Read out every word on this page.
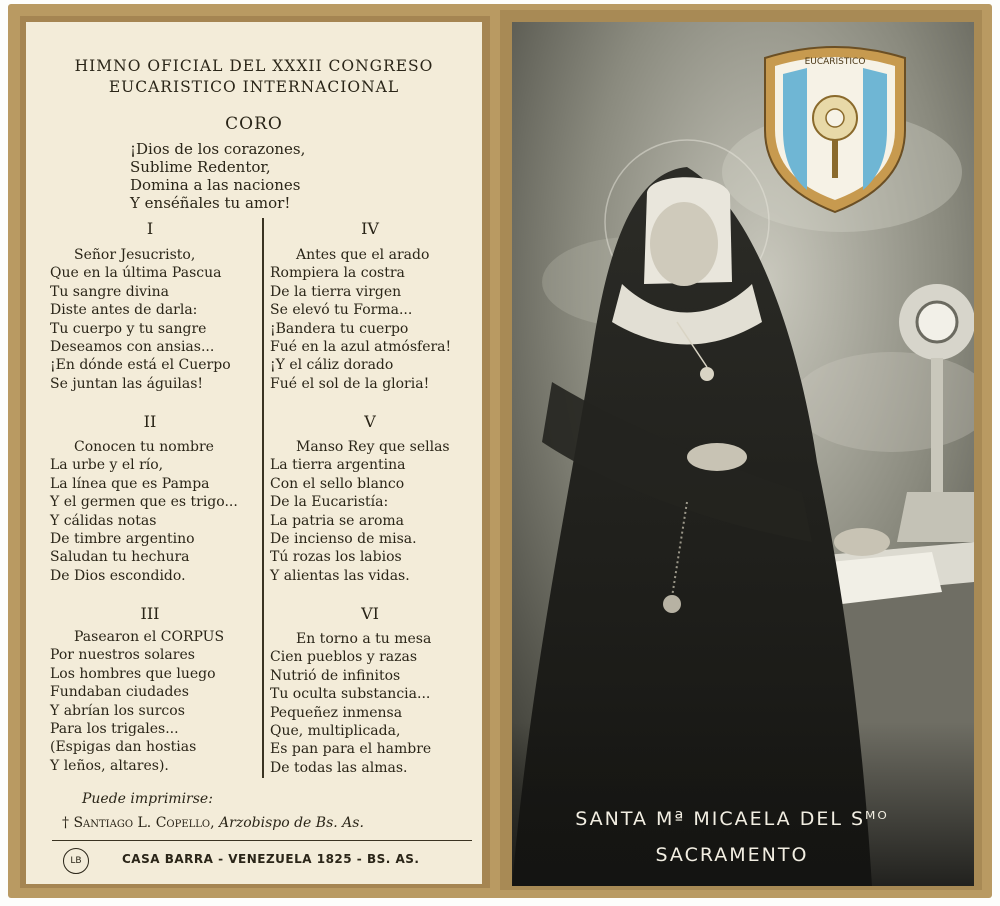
HIMNO OFICIAL DEL XXXII CONGRESO
EUCARISTICO INTERNACIONAL
CORO
¡Dios de los corazones,
Sublime Redentor,
Domina a las naciones
Y enséñales tu amor!
I
Señor Jesucristo,
Que en la última Pascua
Tu sangre divina
Diste antes de darla:
Tu cuerpo y tu sangre
Deseamos con ansias...
¡En dónde está el Cuerpo
Se juntan las águilas!
II
Conocen tu nombre
La urbe y el río,
La línea que es Pampa
Y el germen que es trigo...
Y cálidas notas
De timbre argentino
Saludan tu hechura
De Dios escondido.
III
Pasearon el CORPUS
Por nuestros solares
Los hombres que luego
Fundaban ciudades
Y abrían los surcos
Para los trigales...
(Espigas dan hostias
Y leños, altares).
IV
Antes que el arado
Rompiera la costra
De la tierra virgen
Se elevó tu Forma...
¡Bandera tu cuerpo
Fué en la azul atmósfera!
¡Y el cáliz dorado
Fué el sol de la gloria!
V
Manso Rey que sellas
La tierra argentina
Con el sello blanco
De la Eucaristía:
La patria se aroma
De incienso de misa.
Tú rozas los labios
Y alientas las vidas.
VI
En torno a tu mesa
Cien pueblos y razas
Nutrió de infinitos
Tu oculta substancia...
Pequeñez inmensa
Que, multiplicada,
Es pan para el hambre
De todas las almas.
Puede imprimirse:
† Santiago L. Copello, Arzobispo de Bs. As.
LB	CASA BARRA - VENEZUELA 1825 - BS. AS.
EUCARISTICO
SANTA Mª MICAELA DEL Sᴹᴼ
SACRAMENTO
